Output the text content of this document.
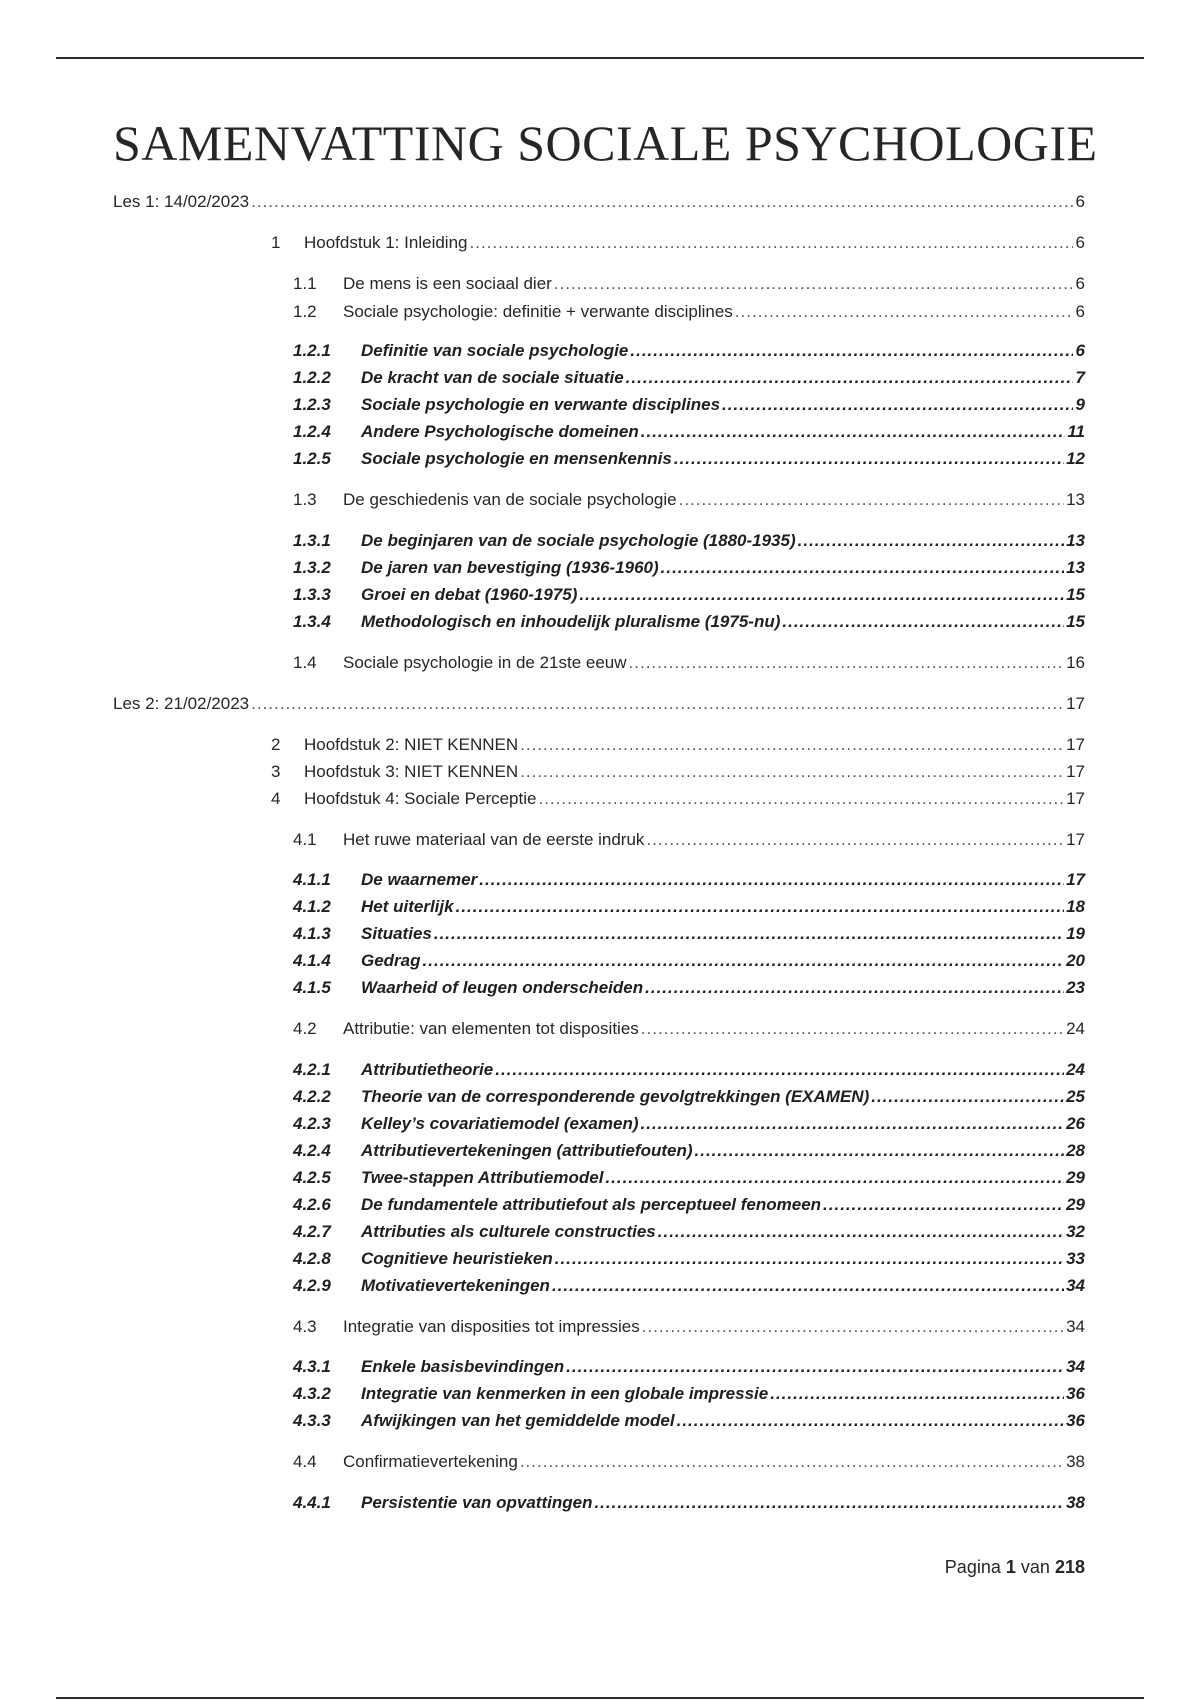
SAMENVATTING SOCIALE PSYCHOLOGIE
Les 1: 14/02/2023 .....	6
1	Hoofdstuk 1: Inleiding .....	6
1.1	De mens is een sociaal dier .....	6
1.2	Sociale psychologie: definitie + verwante disciplines .....	6
1.2.1	Definitie van sociale psychologie .....	6
1.2.2	De kracht van de sociale situatie .....	7
1.2.3	Sociale psychologie en verwante disciplines .....	9
1.2.4	Andere Psychologische domeinen .....	11
1.2.5	Sociale psychologie en mensenkennis .....	12
1.3	De geschiedenis van de sociale psychologie .....	13
1.3.1	De beginjaren van de sociale psychologie (1880-1935) .....	13
1.3.2	De jaren van bevestiging (1936-1960) .....	13
1.3.3	Groei en debat (1960-1975) .....	15
1.3.4	Methodologisch en inhoudelijk pluralisme (1975-nu) .....	15
1.4	Sociale psychologie in de 21ste eeuw .....	16
Les 2: 21/02/2023 .....	17
2	Hoofdstuk 2: NIET KENNEN .....	17
3	Hoofdstuk 3: NIET KENNEN .....	17
4	Hoofdstuk 4: Sociale Perceptie .....	17
4.1	Het ruwe materiaal van de eerste indruk .....	17
4.1.1	De waarnemer .....	17
4.1.2	Het uiterlijk .....	18
4.1.3	Situaties .....	19
4.1.4	Gedrag .....	20
4.1.5	Waarheid of leugen onderscheiden .....	23
4.2	Attributie: van elementen tot disposities .....	24
4.2.1	Attributietheorie .....	24
4.2.2	Theorie van de corresponderende gevolgtrekkingen (EXAMEN) .....	25
4.2.3	Kelley’s covariatiemodel (examen) .....	26
4.2.4	Attributievertekeningen (attributiefouten) .....	28
4.2.5	Twee-stappen Attributiemodel .....	29
4.2.6	De fundamentele attributiefout als perceptueel fenomeen .....	29
4.2.7	Attributies als culturele constructies .....	32
4.2.8	Cognitieve heuristieken .....	33
4.2.9	Motivatievertekeningen .....	34
4.3	Integratie van disposities tot impressies .....	34
4.3.1	Enkele basisbevindingen .....	34
4.3.2	Integratie van kenmerken in een globale impressie .....	36
4.3.3	Afwijkingen van het gemiddelde model .....	36
4.4	Confirmatievertekening .....	38
4.4.1	Persistentie van opvattingen .....	38
Pagina 1 van 218
